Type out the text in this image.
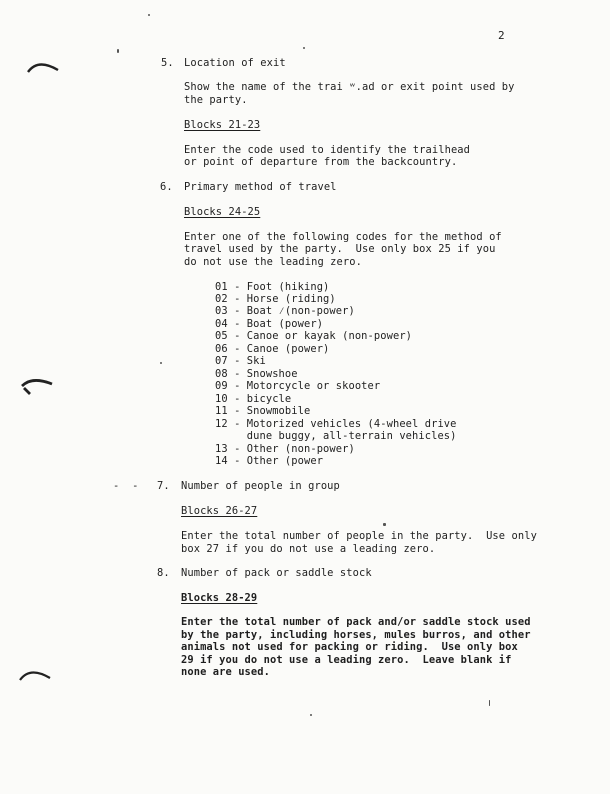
2
5. Location of exit
Show the name of the trai ʷ.ad or exit point used by
the party.
Blocks 21-23
Enter the code used to identify the trailhead
or point of departure from the backcountry.
6. Primary method of travel
Blocks 24-25
Enter one of the following codes for the method of
travel used by the party.  Use only box 25 if you
do not use the leading zero.
01 - Foot (hiking)
02 - Horse (riding)
03 - Boat ⁄(non-power)
04 - Boat (power)
05 - Canoe or kayak (non-power)
06 - Canoe (power)
07 - Ski
08 - Snowshoe
09 - Motorcycle or skooter
10 - bicycle
11 - Snowmobile
12 - Motorized vehicles (4-wheel drive
dune buggy, all-terrain vehicles)
13 - Other (non-power)
14 - Other (power
-  - 7. Number of people in group
Blocks 26-27
Enter the total number of people in the party.  Use only
box 27 if you do not use a leading zero.
8. Number of pack or saddle stock
Blocks 28-29
Enter the total number of pack and/or saddle stock used
by the party, including horses, mules burros, and other
animals not used for packing or riding.  Use only box
29 if you do not use a leading zero.  Leave blank if
none are used.
